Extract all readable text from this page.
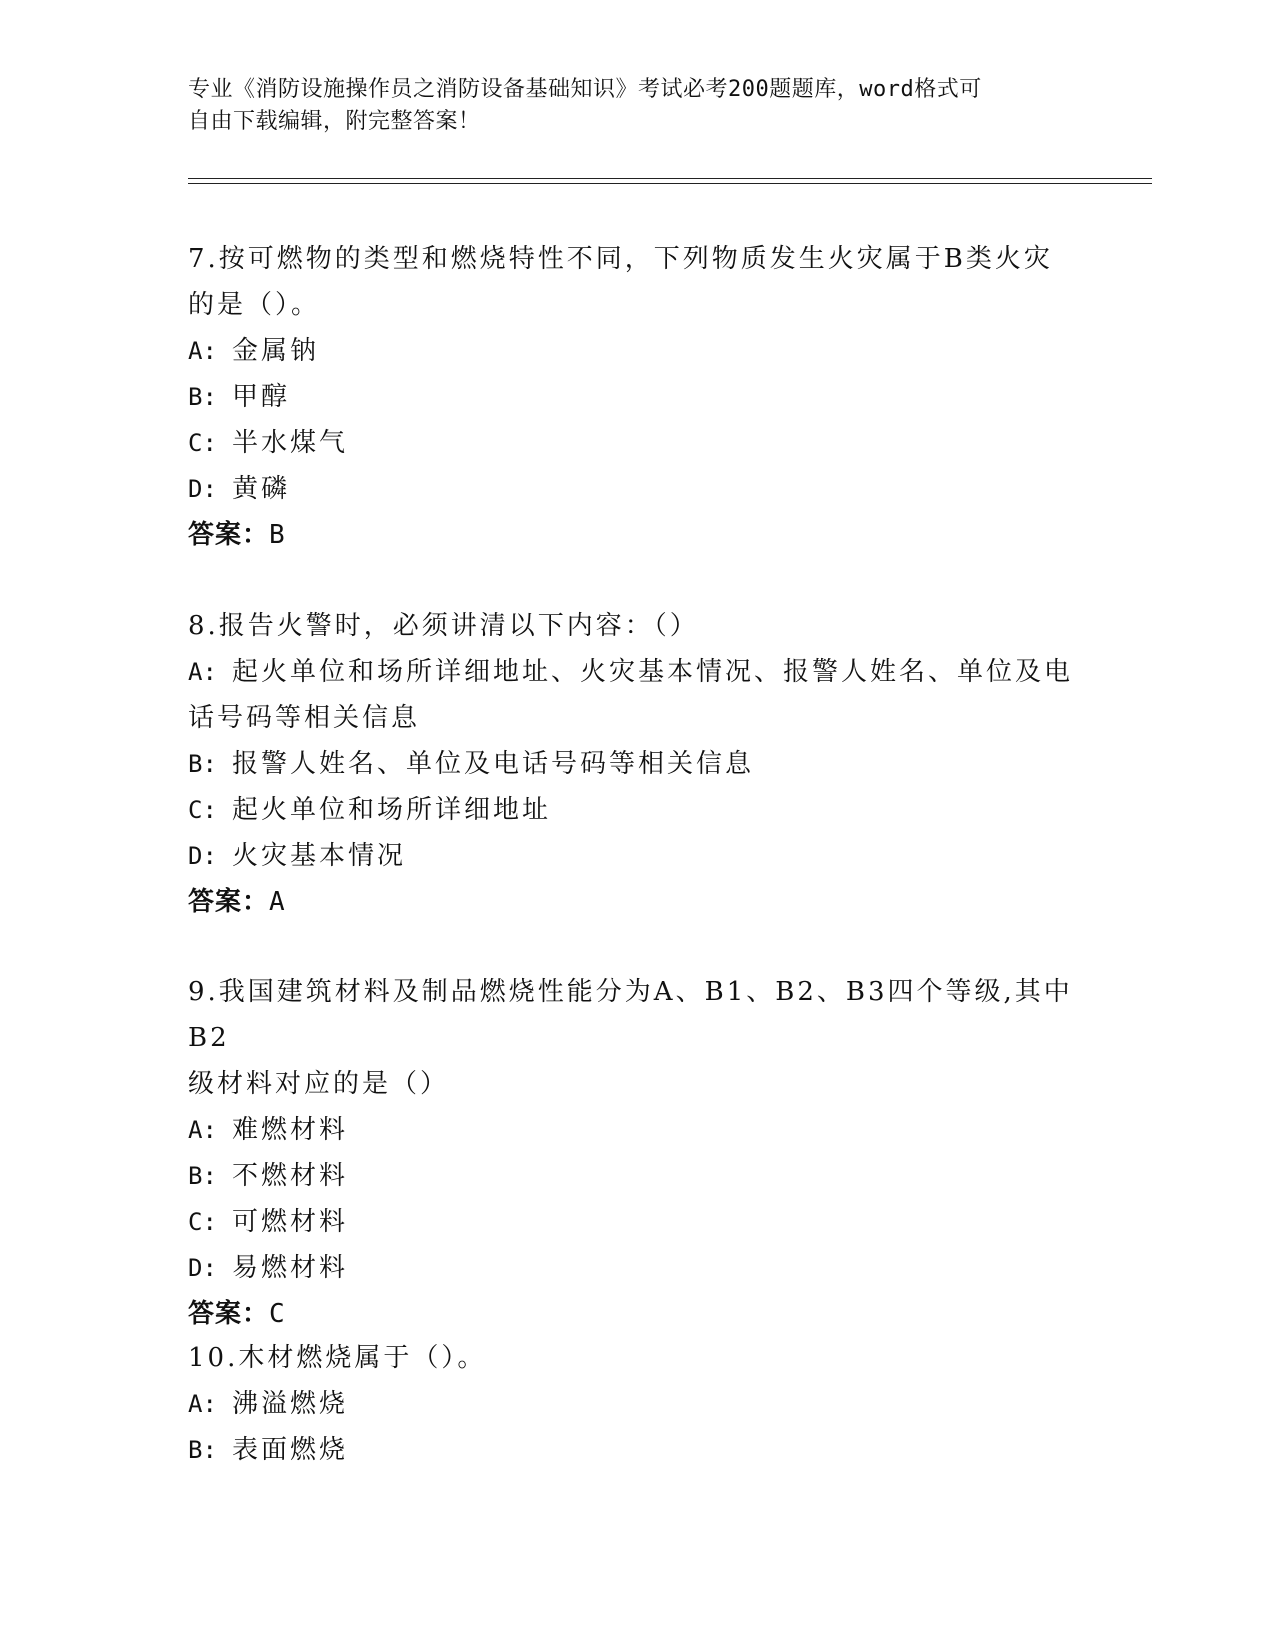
专业《消防设施操作员之消防设备基础知识》考试必考200题题库，word格式可
自由下载编辑，附完整答案！

7.按可燃物的类型和燃烧特性不同，下列物质发生火灾属于B类火灾

的是（）。

A: 金属钠

B: 甲醇

C: 半水煤气

D: 黄磷

答案：B

8.报告火警时，必须讲清以下内容：（）

A: 起火单位和场所详细地址、火灾基本情况、报警人姓名、单位及电

话号码等相关信息

B: 报警人姓名、单位及电话号码等相关信息

C: 起火单位和场所详细地址

D: 火灾基本情况

答案：A

9.我国建筑材料及制品燃烧性能分为A、B1、B2、B3四个等级,其中B2

级材料对应的是（）

A: 难燃材料

B: 不燃材料

C: 可燃材料

D: 易燃材料

答案：C

10.木材燃烧属于（）。

A: 沸溢燃烧

B: 表面燃烧
